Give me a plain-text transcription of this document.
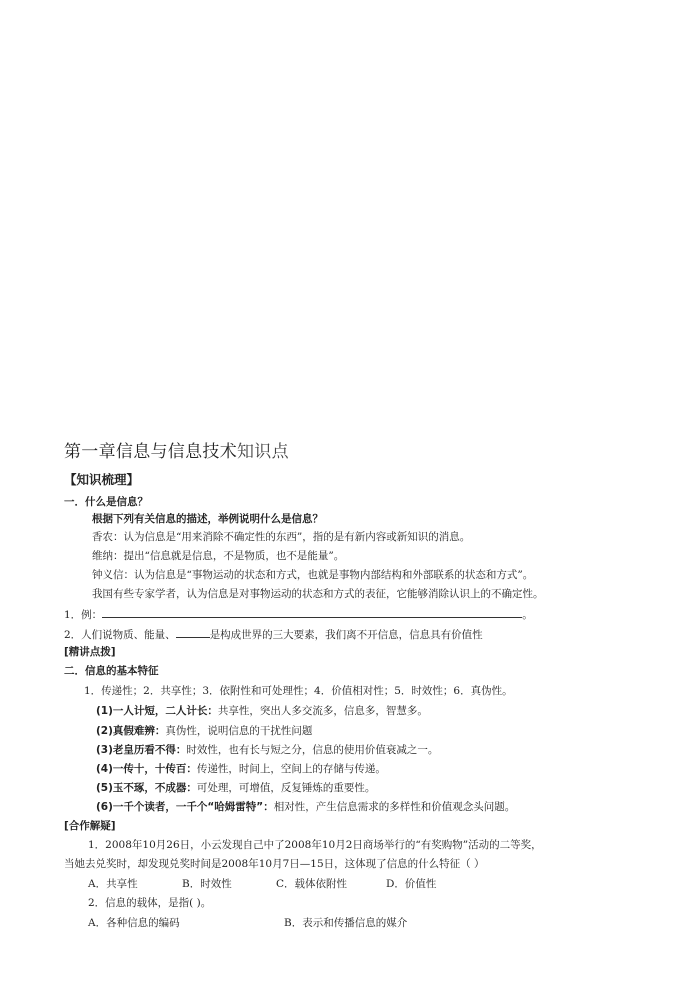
第一章信息与信息技术知识点
【知识梳理】
一．什么是信息？
根据下列有关信息的描述，举例说明什么是信息？
香农：认为信息是“用来消除不确定性的东西”，指的是有新内容或新知识的消息。
维纳：提出“信息就是信息，不是物质，也不是能量”。
钟义信：认为信息是“事物运动的状态和方式，也就是事物内部结构和外部联系的状态和方式”。
我国有些专家学者，认为信息是对事物运动的状态和方式的表征，它能够消除认识上的不确定性。
1．例：	。
2．人们说物质、能量、	是构成世界的三大要素，我们离不开信息，信息具有价值性
[精讲点拨]
二．信息的基本特征
1．传递性；2．共享性；3．依附性和可处理性；4．价值相对性；5．时效性；6．真伪性。
(1)一人计短，二人计长：共享性，突出人多交流多，信息多，智慧多。
(2)真假难辨：真伪性，说明信息的干扰性问题
(3)老皇历看不得：时效性，也有长与短之分，信息的使用价值衰减之一。
(4)一传十，十传百：传递性，时间上，空间上的存储与传递。
(5)玉不琢，不成器：可处理，可增值，反复锤炼的重要性。
(6)一千个读者，一千个“哈姆雷特”：相对性，产生信息需求的多样性和价值观念头问题。
[合作解疑]
1．2008年10月26日，小云发现自己中了2008年10月2日商场举行的“有奖购物”活动的二等奖，
当她去兑奖时，却发现兑奖时间是2008年10月7日—15日，这体现了信息的什么特征（ ）
A．共享性	B．时效性	C．载体依附性	D．价值性
2．信息的载体，是指( )。
A．各种信息的编码	B．表示和传播信息的媒介
